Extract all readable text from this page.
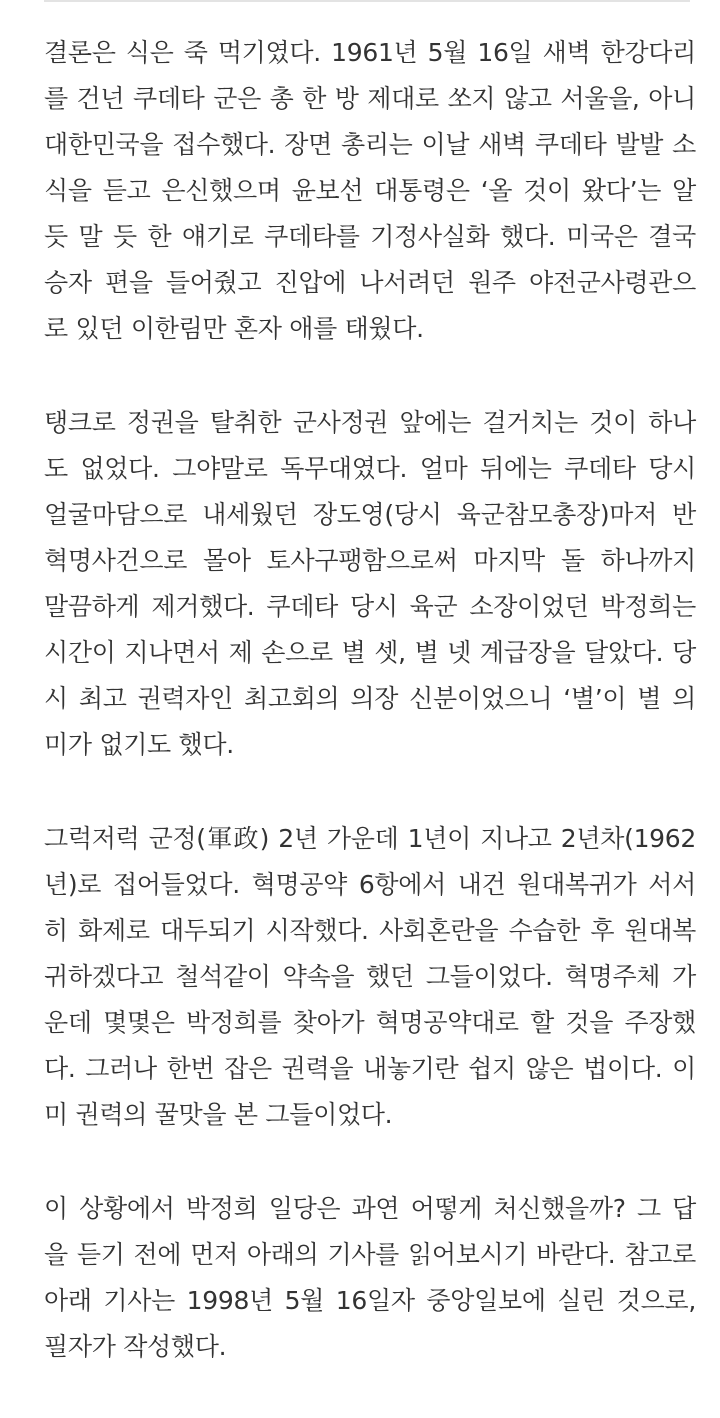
결론은 식은 죽 먹기였다. 1961년 5월 16일 새벽 한강다리
를 건넌 쿠데타 군은 총 한 방 제대로 쏘지 않고 서울을, 아니
대한민국을 접수했다. 장면 총리는 이날 새벽 쿠데타 발발 소
식을 듣고 은신했으며 윤보선 대통령은 ‘올 것이 왔다’는 알
듯 말 듯 한 얘기로 쿠데타를 기정사실화 했다. 미국은 결국
승자 편을 들어줬고 진압에 나서려던 원주 야전군사령관으
로 있던 이한림만 혼자 애를 태웠다.

탱크로 정권을 탈취한 군사정권 앞에는 걸거치는 것이 하나
도 없었다. 그야말로 독무대였다. 얼마 뒤에는 쿠데타 당시
얼굴마담으로 내세웠던 장도영(당시 육군참모총장)마저 반
혁명사건으로 몰아 토사구팽함으로써 마지막 돌 하나까지
말끔하게 제거했다. 쿠데타 당시 육군 소장이었던 박정희는
시간이 지나면서 제 손으로 별 셋, 별 넷 계급장을 달았다. 당
시 최고 권력자인 최고회의 의장 신분이었으니 ‘별’이 별 의
미가 없기도 했다.

그럭저럭 군정(軍政) 2년 가운데 1년이 지나고 2년차(1962
년)로 접어들었다. 혁명공약 6항에서 내건 원대복귀가 서서
히 화제로 대두되기 시작했다. 사회혼란을 수습한 후 원대복
귀하겠다고 철석같이 약속을 했던 그들이었다. 혁명주체 가
운데 몇몇은 박정희를 찾아가 혁명공약대로 할 것을 주장했
다. 그러나 한번 잡은 권력을 내놓기란 쉽지 않은 법이다. 이
미 권력의 꿀맛을 본 그들이었다.

이 상황에서 박정희 일당은 과연 어떻게 처신했을까? 그 답
을 듣기 전에 먼저 아래의 기사를 읽어보시기 바란다. 참고로
아래 기사는 1998년 5월 16일자 중앙일보에 실린 것으로,
필자가 작성했다.
